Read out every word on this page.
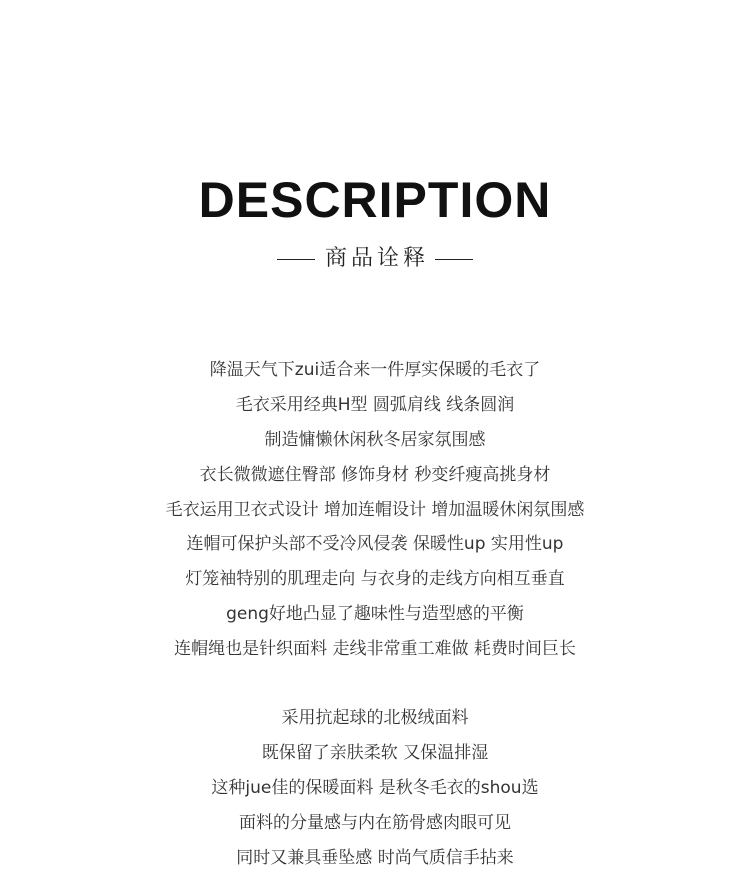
DESCRIPTION
商品诠释
降温天气下zui适合来一件厚实保暖的毛衣了
毛衣采用经典H型 圆弧肩线 线条圆润
制造慵懒休闲秋冬居家氛围感
衣长微微遮住臀部 修饰身材 秒变纤瘦高挑身材
毛衣运用卫衣式设计 增加连帽设计 增加温暖休闲氛围感
连帽可保护头部不受冷风侵袭 保暖性up 实用性up
灯笼袖特别的肌理走向 与衣身的走线方向相互垂直
geng好地凸显了趣味性与造型感的平衡
连帽绳也是针织面料 走线非常重工难做 耗费时间巨长
采用抗起球的北极绒面料
既保留了亲肤柔软 又保温排湿
这种jue佳的保暖面料 是秋冬毛衣的shou选
面料的分量感与内在筋骨感肉眼可见
同时又兼具垂坠感 时尚气质信手拈来
